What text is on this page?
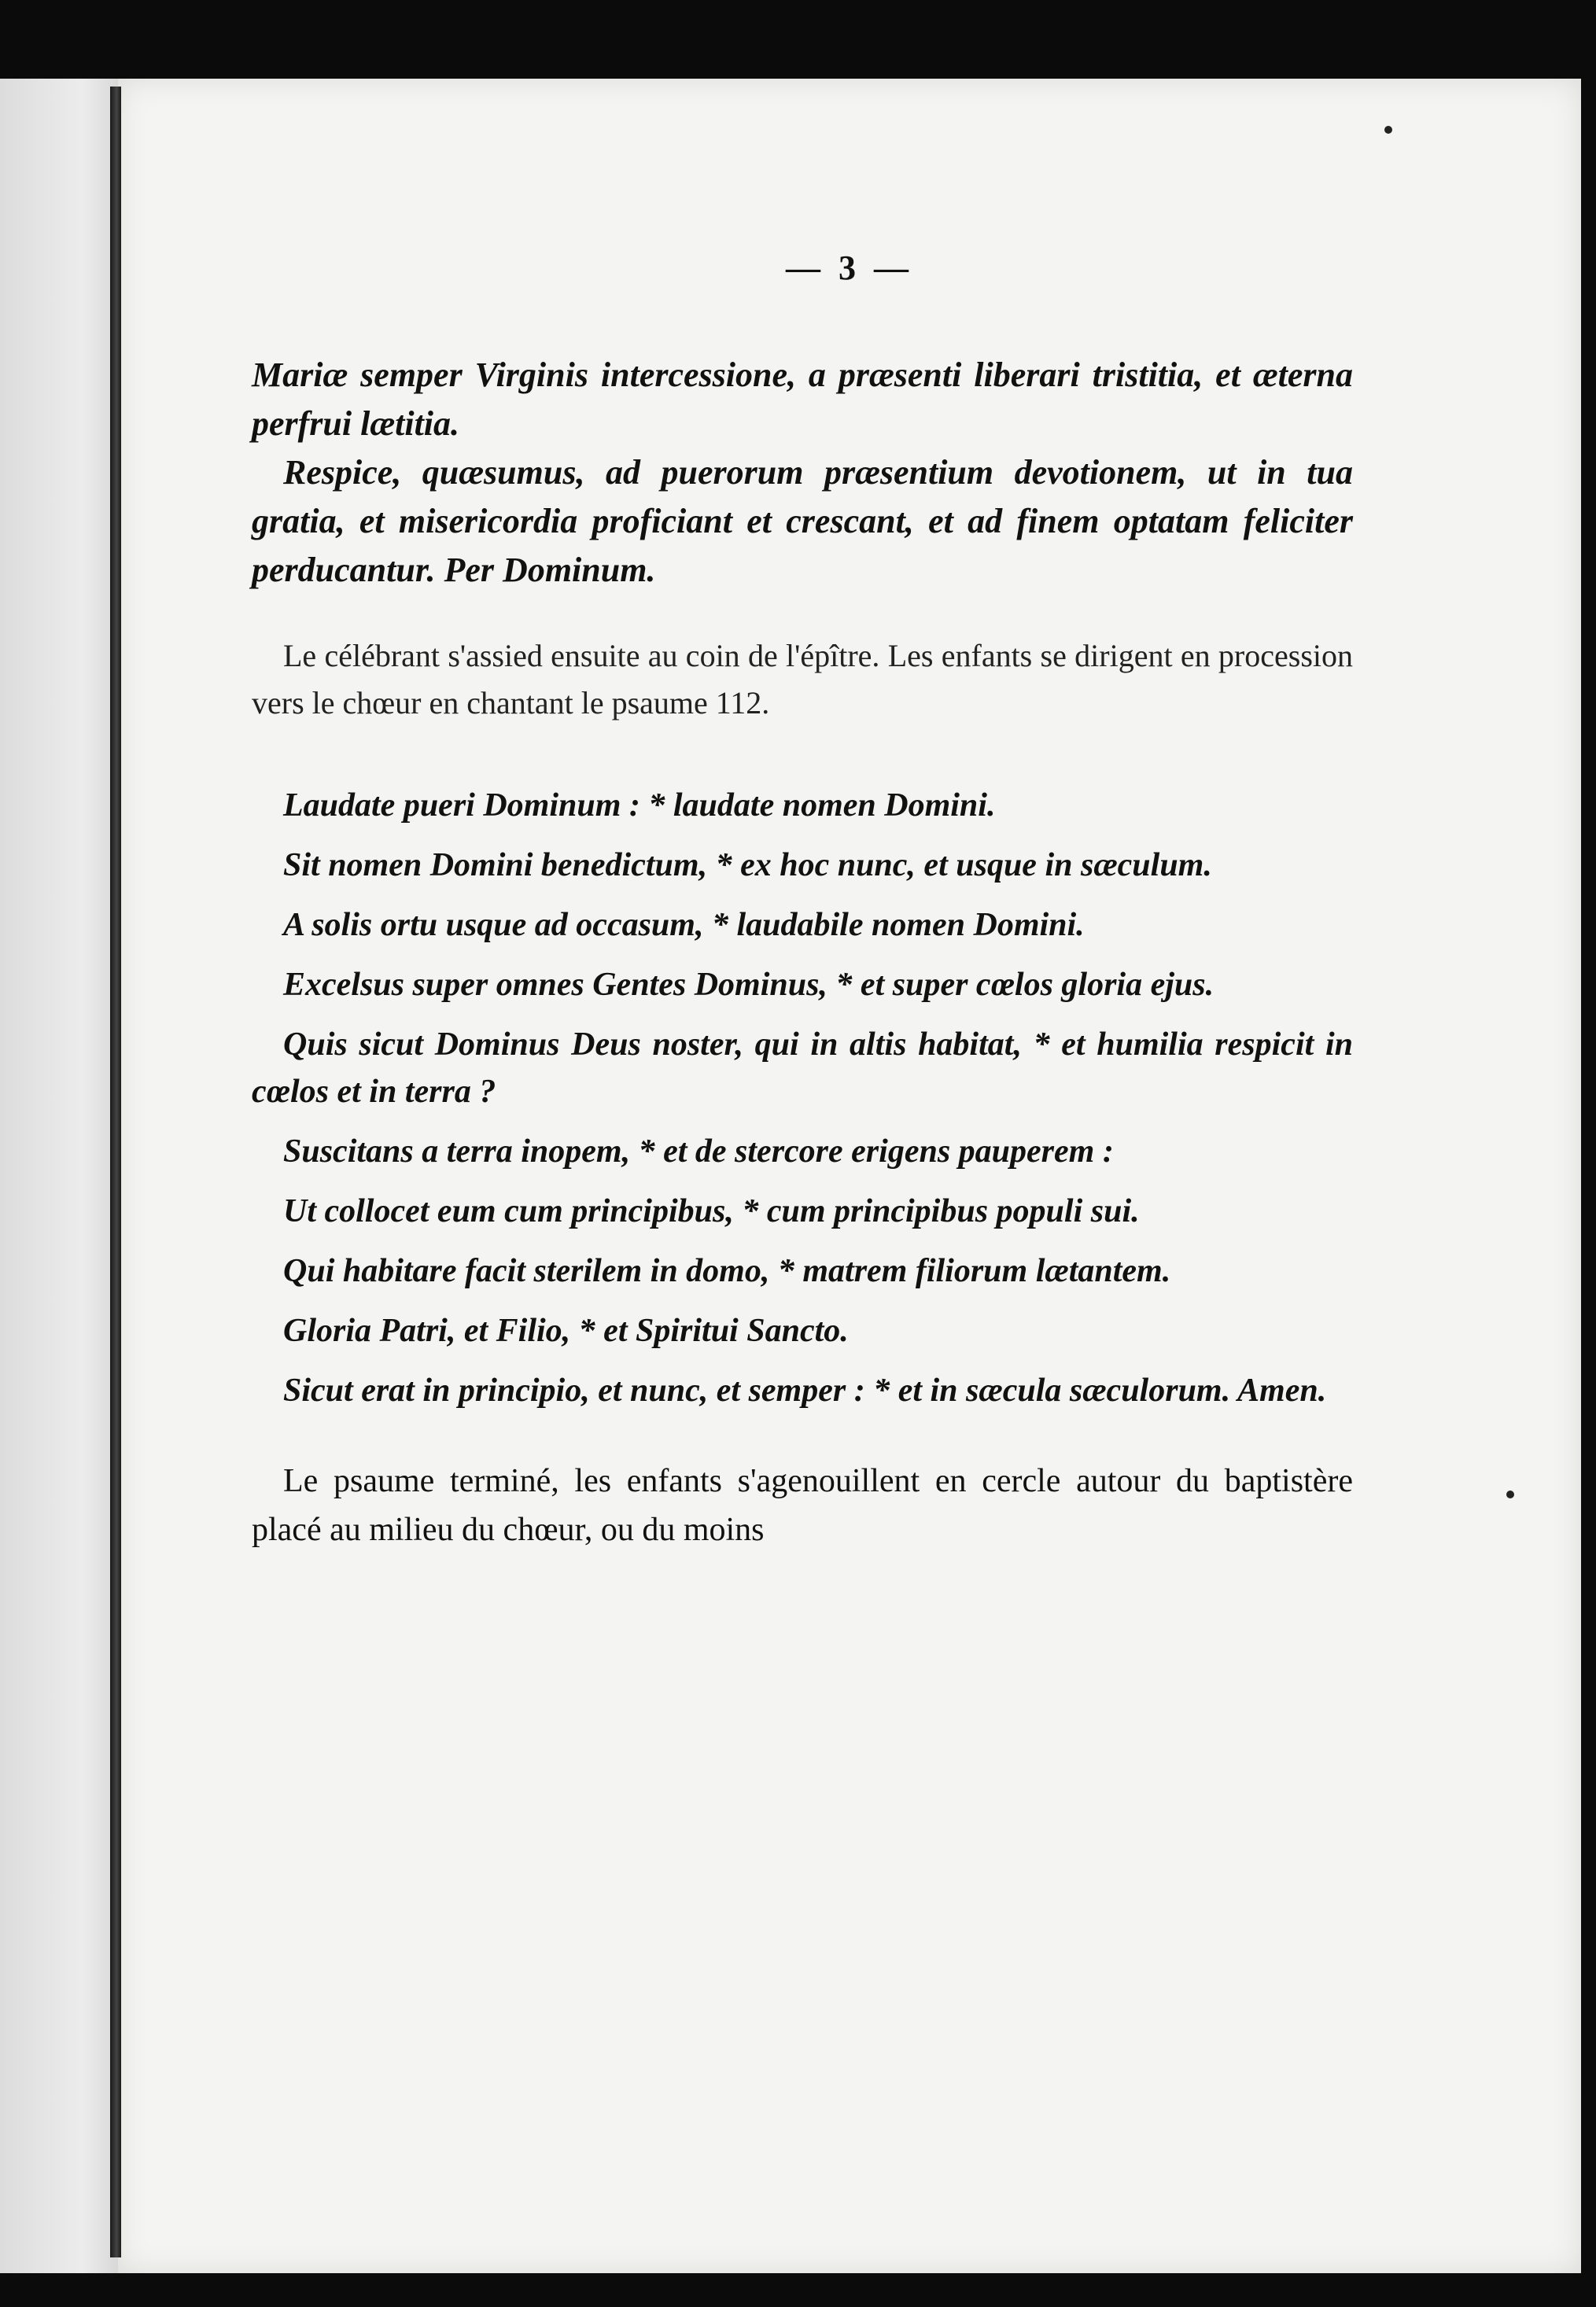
— 3 —

Mariæ semper Virginis intercessione, a præsenti liberari tristitia, et æterna perfrui lætitia.

Respice, quæsumus, ad puerorum præsentium devotionem, ut in tua gratia, et misericordia proficiant et crescant, et ad finem optatam feliciter perducantur. Per Dominum.

Le célébrant s'assied ensuite au coin de l'épître. Les enfants se dirigent en procession vers le chœur en chantant le psaume 112.

Laudate pueri Dominum : * laudate nomen Domini.

Sit nomen Domini benedictum, * ex hoc nunc, et usque in sæculum.

A solis ortu usque ad occasum, * laudabile nomen Domini.

Excelsus super omnes Gentes Dominus, * et super cœlos gloria ejus.

Quis sicut Dominus Deus noster, qui in altis habitat, * et humilia respicit in cœlos et in terra ?

Suscitans a terra inopem, * et de stercore erigens pauperem :

Ut collocet eum cum principibus, * cum principibus populi sui.

Qui habitare facit sterilem in domo, * matrem filiorum lætantem.

Gloria Patri, et Filio, * et Spiritui Sancto.

Sicut erat in principio, et nunc, et semper : * et in sæcula sæculorum. Amen.

Le psaume terminé, les enfants s'agenouillent en cercle autour du baptistère placé au milieu du chœur, ou du moins
